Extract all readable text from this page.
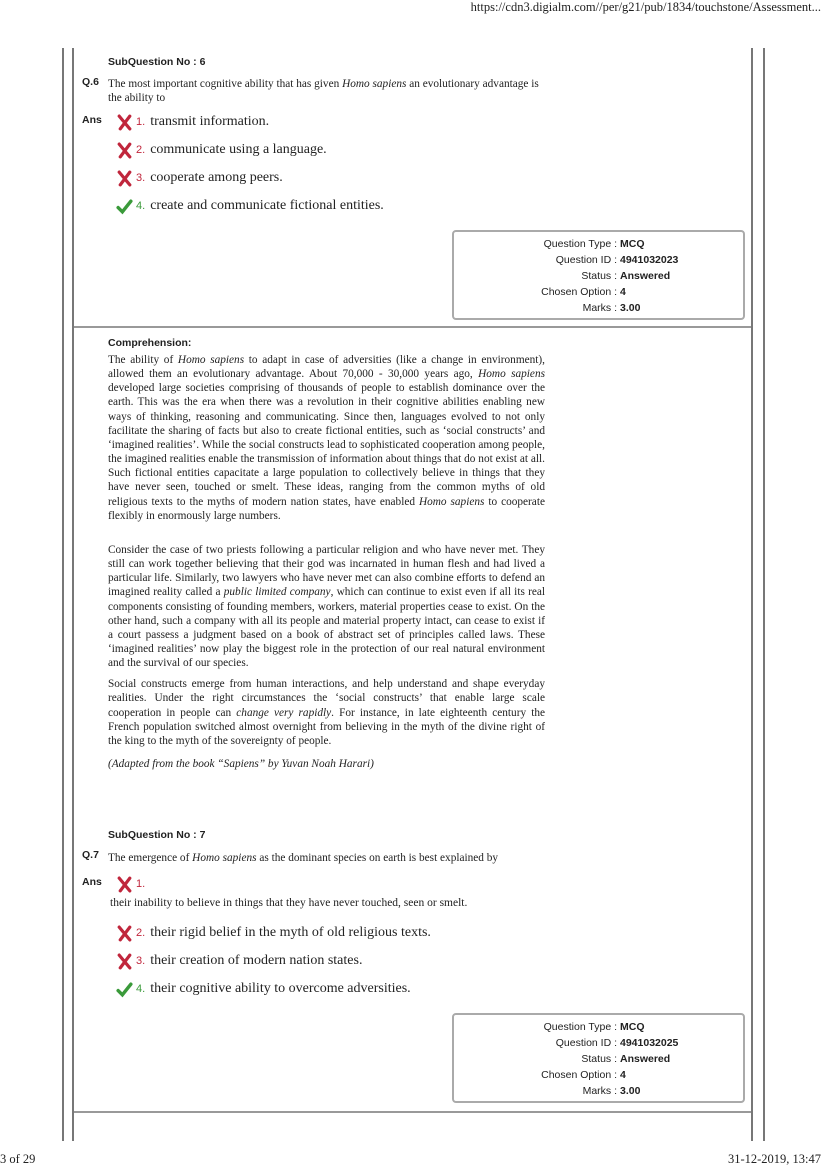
https://cdn3.digialm.com//per/g21/pub/1834/touchstone/Assessment...
SubQuestion No : 6
Q.6 The most important cognitive ability that has given Homo sapiens an evolutionary advantage is the ability to
Ans	1. transmit information.
2. communicate using a language.
3. cooperate among peers.
4. create and communicate fictional entities.
Question Type : MCQ
Question ID : 4941032023
Status : Answered
Chosen Option : 4
Marks : 3.00
Comprehension:

The ability of Homo sapiens to adapt in case of adversities (like a change in environment), allowed them an evolutionary advantage. About 70,000 - 30,000 years ago, Homo sapiens developed large societies comprising of thousands of people to establish dominance over the earth. This was the era when there was a revolution in their cognitive abilities enabling new ways of thinking, reasoning and communicating. Since then, languages evolved to not only facilitate the sharing of facts but also to create fictional entities, such as ‘social constructs’ and ‘imagined realities’. While the social constructs lead to sophisticated cooperation among people, the imagined realities enable the transmission of information about things that do not exist at all. Such fictional entities capacitate a large population to collectively believe in things that they have never seen, touched or smelt. These ideas, ranging from the common myths of old religious texts to the myths of modern nation states, have enabled Homo sapiens to cooperate flexibly in enormously large numbers.

Consider the case of two priests following a particular religion and who have never met. They still can work together believing that their god was incarnated in human flesh and had lived a particular life. Similarly, two lawyers who have never met can also combine efforts to defend an imagined reality called a public limited company, which can continue to exist even if all its real components consisting of founding members, workers, material properties cease to exist. On the other hand, such a company with all its people and material property intact, can cease to exist if a court passess a judgment based on a book of abstract set of principles called laws. These ‘imagined realities’ now play the biggest role in the protection of our real natural environment and the survival of our species.

Social constructs emerge from human interactions, and help understand and shape everyday realities. Under the right circumstances the ‘social constructs’ that enable large scale cooperation in people can change very rapidly. For instance, in late eighteenth century the French population switched almost overnight from believing in the myth of the divine right of the king to the myth of the sovereignty of people.

(Adapted from the book “Sapiens” by Yuvan Noah Harari)

SubQuestion No : 7
Q.7 The emergence of Homo sapiens as the dominant species on earth is best explained by
Ans	1.
their inability to believe in things that they have never touched, seen or smelt.
2. their rigid belief in the myth of old religious texts.
3. their creation of modern nation states.
4. their cognitive ability to overcome adversities.
Question Type : MCQ
Question ID : 4941032025
Status : Answered
Chosen Option : 4
Marks : 3.00
3 of 29	31-12-2019, 13:47
